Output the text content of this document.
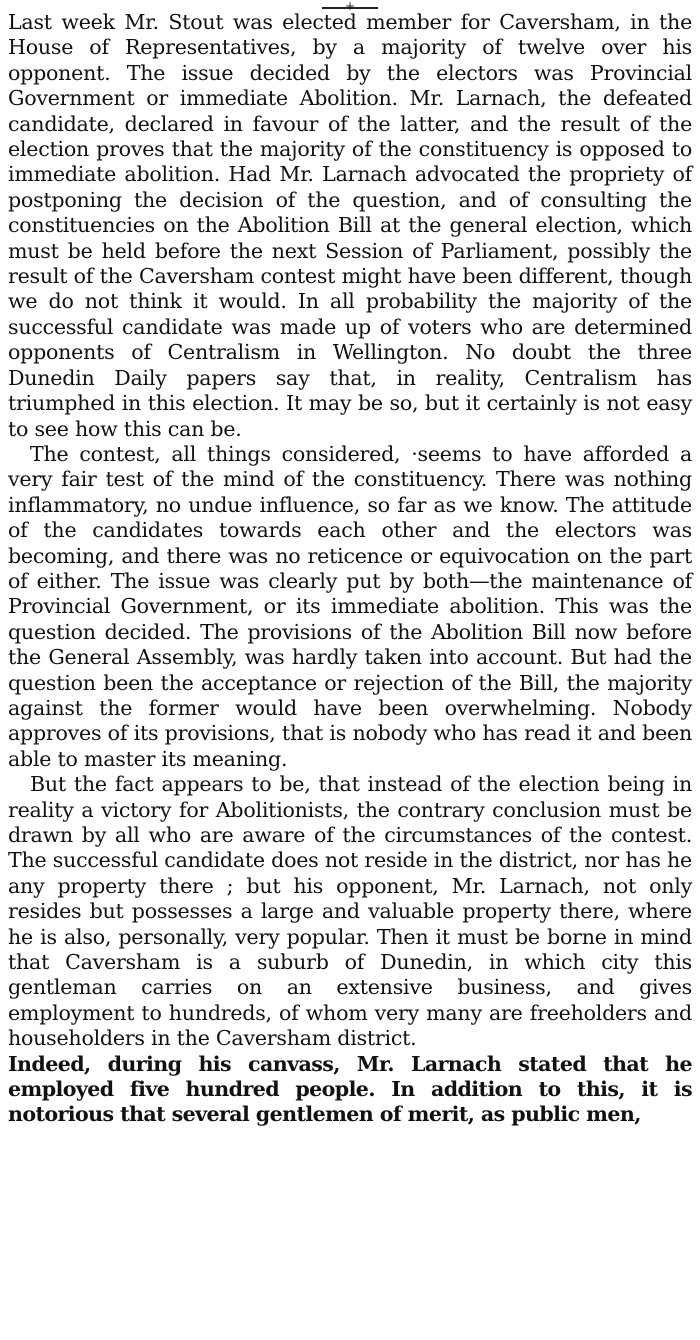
+

Last week Mr. Stout was elected member for Caversham, in the House of Representatives, by a majority of twelve over his opponent. The issue decided by the electors was Provincial Government or immediate Abolition. Mr. Larnach, the defeated candidate, declared in favour of the latter, and the result of the election proves that the majority of the constituency is opposed to immediate abolition. Had Mr. Larnach advocated the propriety of postponing the decision of the question, and of consulting the constituencies on the Abolition Bill at the general election, which must be held before the next Session of Parliament, possibly the result of the Caversham contest might have been different, though we do not think it would. In all probability the majority of the successful candidate was made up of voters who are determined opponents of Centralism in Wellington. No doubt the three Dunedin Daily papers say that, in reality, Centralism has triumphed in this election. It may be so, but it certainly is not easy to see how this can be.

The contest, all things considered, ·seems to have afforded a very fair test of the mind of the constituency. There was nothing inflammatory, no undue influence, so far as we know. The attitude of the candidates towards each other and the electors was becoming, and there was no reticence or equivocation on the part of either. The issue was clearly put by both—the maintenance of Provincial Government, or its immediate abolition. This was the question decided. The provisions of the Abolition Bill now before the General Assembly, was hardly taken into account. But had the question been the acceptance or rejection of the Bill, the majority against the former would have been overwhelming. Nobody approves of its provisions, that is nobody who has read it and been able to master its meaning.

But the fact appears to be, that instead of the election being in reality a victory for Abolitionists, the contrary conclusion must be drawn by all who are aware of the circumstances of the contest. The successful candidate does not reside in the district, nor has he any property there ; but his opponent, Mr. Larnach, not only resides but possesses a large and valuable property there, where he is also, personally, very popular. Then it must be borne in mind that Caversham is a suburb of Dunedin, in which city this gentleman carries on an extensive business, and gives employment to hundreds, of whom very many are freeholders and householders in the Caversham district.

Indeed, during his canvass, Mr. Larnach stated that he employed five hundred people. In addition to this, it is notorious that several gentlemen of merit, as public men,
